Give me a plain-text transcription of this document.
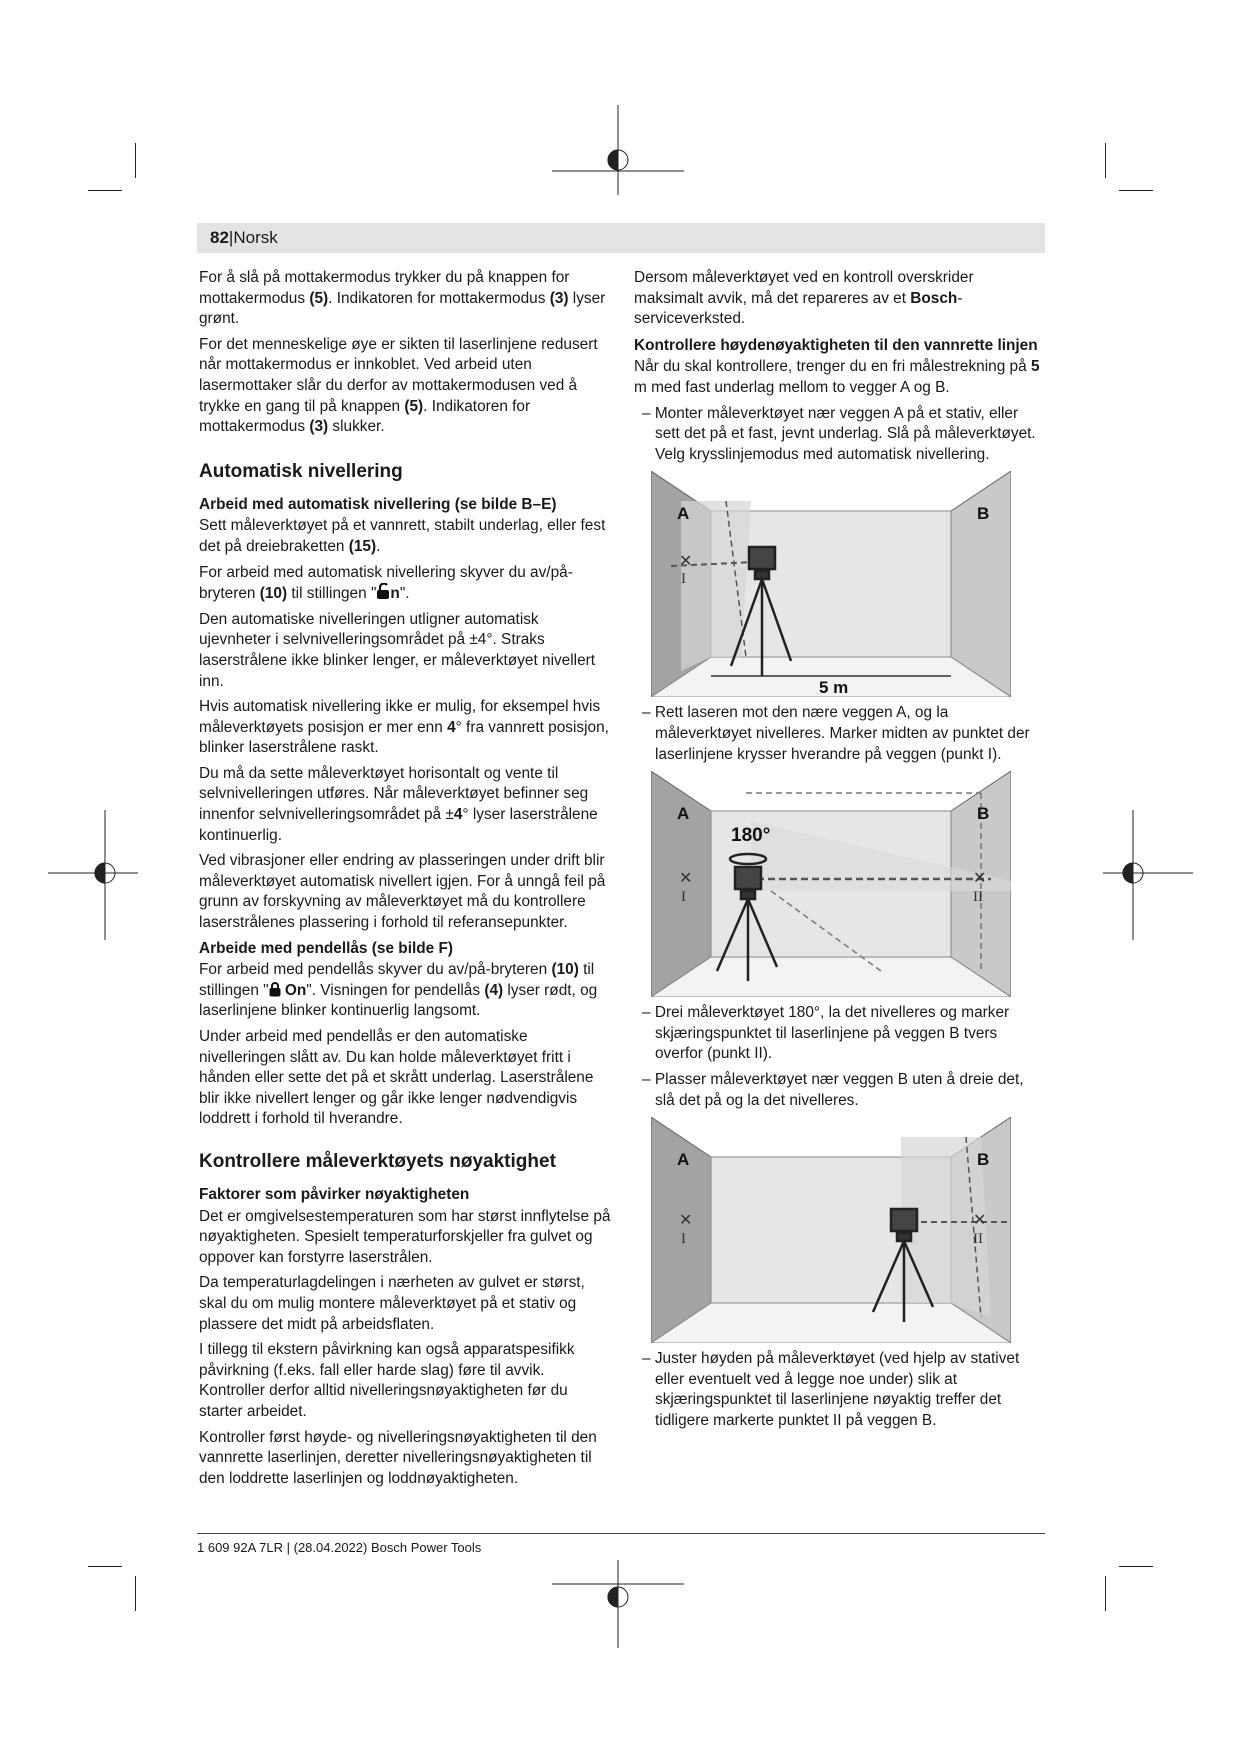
82|Norsk

For å slå på mottakermodus trykker du på knappen for mottakermodus (5). Indikatoren for mottakermodus (3) lyser grønt.

For det menneskelige øye er sikten til laserlinjene redusert når mottakermodus er innkoblet. Ved arbeid uten lasermottaker slår du derfor av mottakermodusen ved å trykke en gang til på knappen (5). Indikatoren for mottakermodus (3) slukker.

Automatisk nivellering
Arbeid med automatisk nivellering (se bilde B–E)

Sett måleverktøyet på et vannrett, stabilt underlag, eller fest det på dreiebraketten (15).

For arbeid med automatisk nivellering skyver du av/på-bryteren (10) til stillingen " n".

Den automatiske nivelleringen utligner automatisk ujevnheter i selvnivelleringsområdet på ±4°. Straks laserstrålene ikke blinker lenger, er måleverktøyet nivellert inn.

Hvis automatisk nivellering ikke er mulig, for eksempel hvis måleverktøyets posisjon er mer enn 4° fra vannrett posisjon, blinker laserstrålene raskt.

Du må da sette måleverktøyet horisontalt og vente til selvnivelleringen utføres. Når måleverktøyet befinner seg innenfor selvnivelleringsområdet på ±4° lyser laserstrålene kontinuerlig.

Ved vibrasjoner eller endring av plasseringen under drift blir måleverktøyet automatisk nivellert igjen. For å unngå feil på grunn av forskyvning av måleverktøyet må du kontrollere laserstrålenes plassering i forhold til referansepunkter.

Arbeide med pendellås (se bilde F)

For arbeid med pendellås skyver du av/på-bryteren (10) til stillingen " On". Visningen for pendellås (4) lyser rødt, og laserlinjene blinker kontinuerlig langsomt.

Under arbeid med pendellås er den automatiske nivelleringen slått av. Du kan holde måleverktøyet fritt i hånden eller sette det på et skrått underlag. Laserstrålene blir ikke nivellert lenger og går ikke lenger nødvendigvis loddrett i forhold til hverandre.

Kontrollere måleverktøyets nøyaktighet
Faktorer som påvirker nøyaktigheten

Det er omgivelsestemperaturen som har størst innflytelse på nøyaktigheten. Spesielt temperaturforskjeller fra gulvet og oppover kan forstyrre laserstrålen.

Da temperaturlagdelingen i nærheten av gulvet er størst, skal du om mulig montere måleverktøyet på et stativ og plassere det midt på arbeidsflaten.

I tillegg til ekstern påvirkning kan også apparatspesifikk påvirkning (f.eks. fall eller harde slag) føre til avvik. Kontroller derfor alltid nivelleringsnøyaktigheten før du starter arbeidet.

Kontroller først høyde- og nivelleringsnøyaktigheten til den vannrette laserlinjen, deretter nivelleringsnøyaktigheten til den loddrette laserlinjen og loddnøyaktigheten.

Dersom måleverktøyet ved en kontroll overskrider maksimalt avvik, må det repareres av et Bosch-serviceverksted.

Kontrollere høydenøyaktigheten til den vannrette linjen

Når du skal kontrollere, trenger du en fri målestrekning på 5 m med fast underlag mellom to vegger A og B.

– Monter måleverktøyet nær veggen A på et stativ, eller sett det på et fast, jevnt underlag. Slå på måleverktøyet. Velg krysslinjemodus med automatisk nivellering.

A	B
✕
I
5 m

– Rett laseren mot den nære veggen A, og la måleverktøyet nivelleres. Marker midten av punktet der laserlinjene krysser hverandre på veggen (punkt I).

180°
A	B
✕
I
✕
II

– Drei måleverktøyet 180°, la det nivelleres og marker skjæringspunktet til laserlinjene på veggen B tvers overfor (punkt II).

– Plasser måleverktøyet nær veggen B uten å dreie det, slå det på og la det nivelleres.

A	B
✕
I
✕
II

– Juster høyden på måleverktøyet (ved hjelp av stativet eller eventuelt ved å legge noe under) slik at skjæringspunktet til laserlinjene nøyaktig treffer det tidligere markerte punktet II på veggen B.

1 609 92A 7LR | (28.04.2022) Bosch Power Tools
